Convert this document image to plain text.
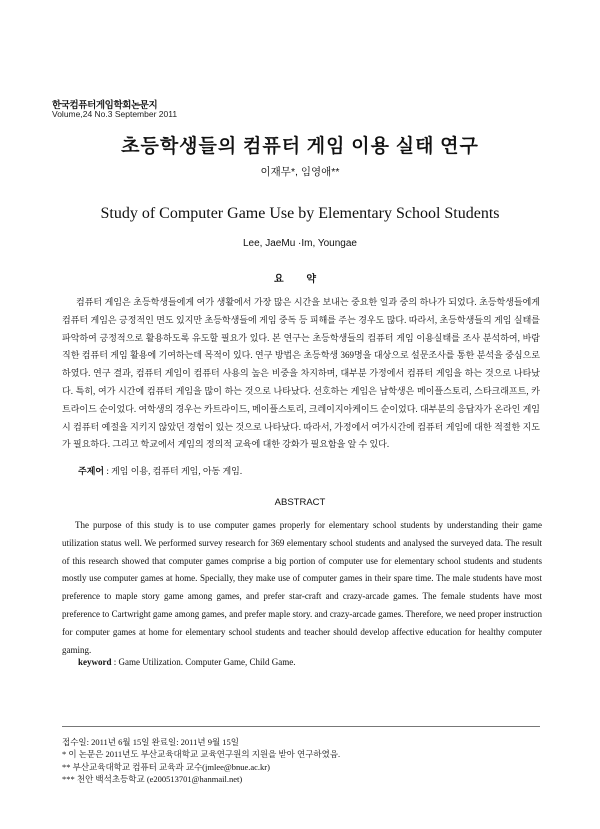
한국컴퓨터게임학회논문지
Volume,24 No.3 September 2011
초등학생들의 컴퓨터 게임 이용 실태 연구
이재무*, 임영애**
Study of Computer Game Use by Elementary School Students
Lee, JaeMu ·Im, Youngae
요 약

컴퓨터 게임은 초등학생들에게 여가 생활에서 가장 많은 시간을 보내는 중요한 일과 중의 하나가 되었다. 초등학생들에게 컴퓨터 게임은 긍정적인 면도 있지만 초등학생들에 게임 중독 등 피해를 주는 경우도 많다. 따라서, 초등학생들의 게임 실태를 파악하여 긍정적으로 활용하도록 유도할 필요가 있다. 본 연구는 초등학생들의 컴퓨터 게임 이용실태를 조사 분석하여, 바람직한 컴퓨터 게임 활용에 기여하는데 목적이 있다. 연구 방법은 초등학생 369명을 대상으로 설문조사를 통한 분석을 중심으로 하였다. 연구 결과, 컴퓨터 게임이 컴퓨터 사용의 높은 비중을 차지하며, 대부분 가정에서 컴퓨터 게임을 하는 것으로 나타났다. 특히, 여가 시간에 컴퓨터 게임을 많이 하는 것으로 나타났다. 선호하는 게임은 남학생은 메이플스토리, 스타크래프트, 카트라이드 순이었다. 여학생의 경우는 카트라이드, 메이플스토리, 크레이지아케이드 순이었다. 대부분의 응답자가 온라인 게임시 컴퓨터 예절을 지키지 않았던 경험이 있는 것으로 나타났다. 따라서, 가정에서 여가시간에 컴퓨터 게임에 대한 적절한 지도가 필요하다. 그리고 학교에서 게임의 정의적 교육에 대한 강화가 필요함을 알 수 있다.

주제어 : 게임 이용, 컴퓨터 게임, 아동 게임.
ABSTRACT

The purpose of this study is to use computer games properly for elementary school students by understanding their game utilization status well. We performed survey research for 369 elementary school students and analysed the surveyed data. The result of this research showed that computer games comprise a big portion of computer use for elementary school students and students mostly use computer games at home. Specially, they make use of computer games in their spare time. The male students have most preference to maple story game among games, and prefer star-craft and crazy-arcade games. The female students have most preference to Cartwright game among games, and prefer maple story. and crazy-arcade games. Therefore, we need proper instruction for computer games at home for elementary school students and teacher should develop affective education for healthy computer gaming.

keyword : Game Utilization. Computer Game, Child Game.
접수일: 2011년 6월 15일 완료일: 2011년 9월 15일
* 이 논문은 2011년도 부산교육대학교 교육연구원의 지원을 받아 연구하였음.
** 부산교육대학교 컴퓨터 교육과 교수(jmlee@bnue.ac.kr)
*** 천안 백석초등학교 (e200513701@hanmail.net)
